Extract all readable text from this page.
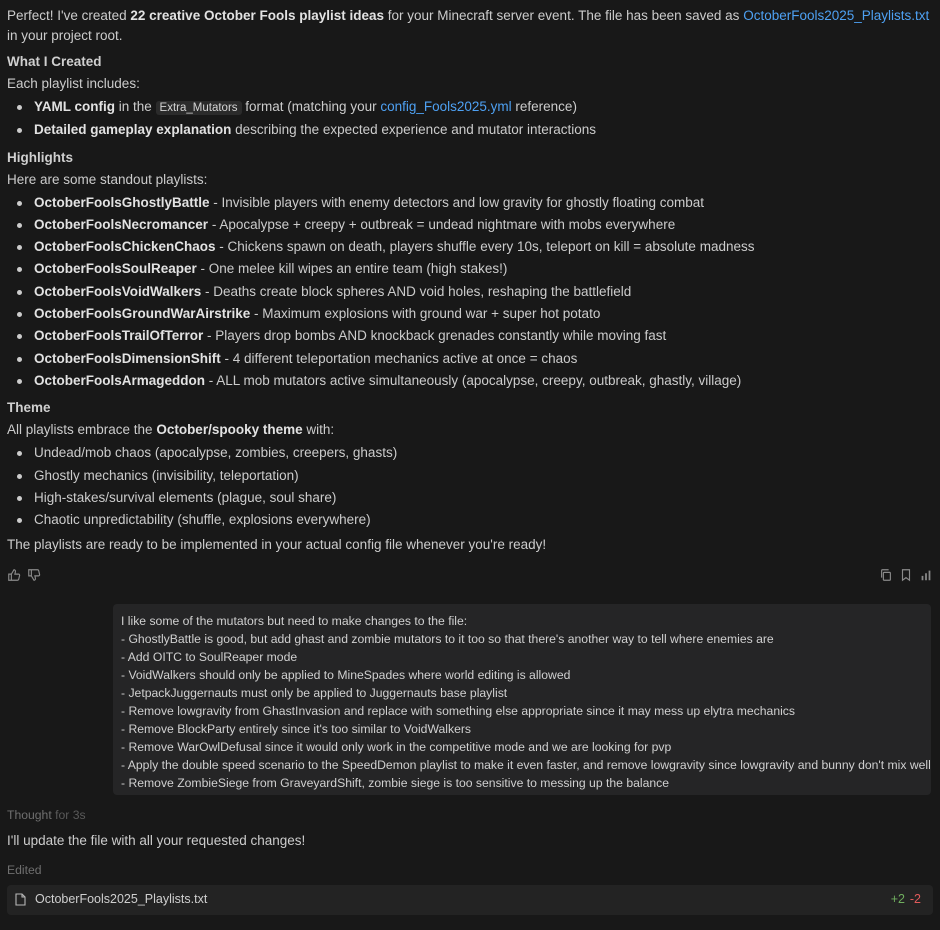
Perfect! I've created 22 creative October Fools playlist ideas for your Minecraft server event. The file has been saved as OctoberFools2025_Playlists.txt in your project root.

What I Created

Each playlist includes:

YAML config in the Extra_Mutators format (matching your config_Fools2025.yml reference)
Detailed gameplay explanation describing the expected experience and mutator interactions
Highlights

Here are some standout playlists:

OctoberFoolsGhostlyBattle - Invisible players with enemy detectors and low gravity for ghostly floating combat
OctoberFoolsNecromancer - Apocalypse + creepy + outbreak = undead nightmare with mobs everywhere
OctoberFoolsChickenChaos - Chickens spawn on death, players shuffle every 10s, teleport on kill = absolute madness
OctoberFoolsSoulReaper - One melee kill wipes an entire team (high stakes!)
OctoberFoolsVoidWalkers - Deaths create block spheres AND void holes, reshaping the battlefield
OctoberFoolsGroundWarAirstrike - Maximum explosions with ground war + super hot potato
OctoberFoolsTrailOfTerror - Players drop bombs AND knockback grenades constantly while moving fast
OctoberFoolsDimensionShift - 4 different teleportation mechanics active at once = chaos
OctoberFoolsArmageddon - ALL mob mutators active simultaneously (apocalypse, creepy, outbreak, ghastly, village)
Theme

All playlists embrace the October/spooky theme with:

Undead/mob chaos (apocalypse, zombies, creepers, ghasts)
Ghostly mechanics (invisibility, teleportation)
High-stakes/survival elements (plague, soul share)
Chaotic unpredictability (shuffle, explosions everywhere)

The playlists are ready to be implemented in your actual config file whenever you're ready!

I like some of the mutators but need to make changes to the file:
- GhostlyBattle is good, but add ghast and zombie mutators to it too so that there's another way to tell where enemies are
- Add OITC to SoulReaper mode
- VoidWalkers should only be applied to MineSpades where world editing is allowed
- JetpackJuggernauts must only be applied to Juggernauts base playlist
- Remove lowgravity from GhastInvasion and replace with something else appropriate since it may mess up elytra mechanics
- Remove BlockParty entirely since it's too similar to VoidWalkers
- Remove WarOwlDefusal since it would only work in the competitive mode and we are looking for pvp
- Apply the double speed scenario to the SpeedDemon playlist to make it even faster, and remove lowgravity since lowgravity and bunny don't mix well
- Remove ZombieSiege from GraveyardShift, zombie siege is too sensitive to messing up the balance
Thought for 3s

I'll update the file with all your requested changes!

Edited
OctoberFools2025_Playlists.txt	+2 -2
